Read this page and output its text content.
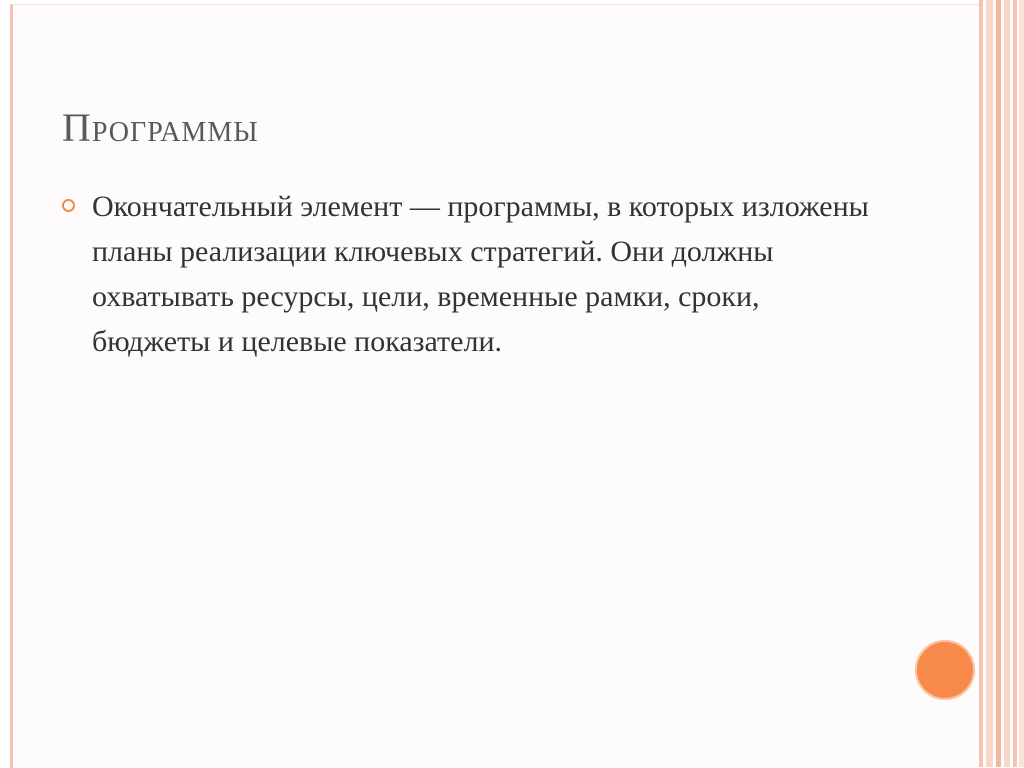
Программы

Окончательный элемент — программы, в которых изложены планы реализации ключевых стратегий. Они должны охватывать ресурсы, цели, временные рамки, сроки, бюджеты и целевые показатели.
